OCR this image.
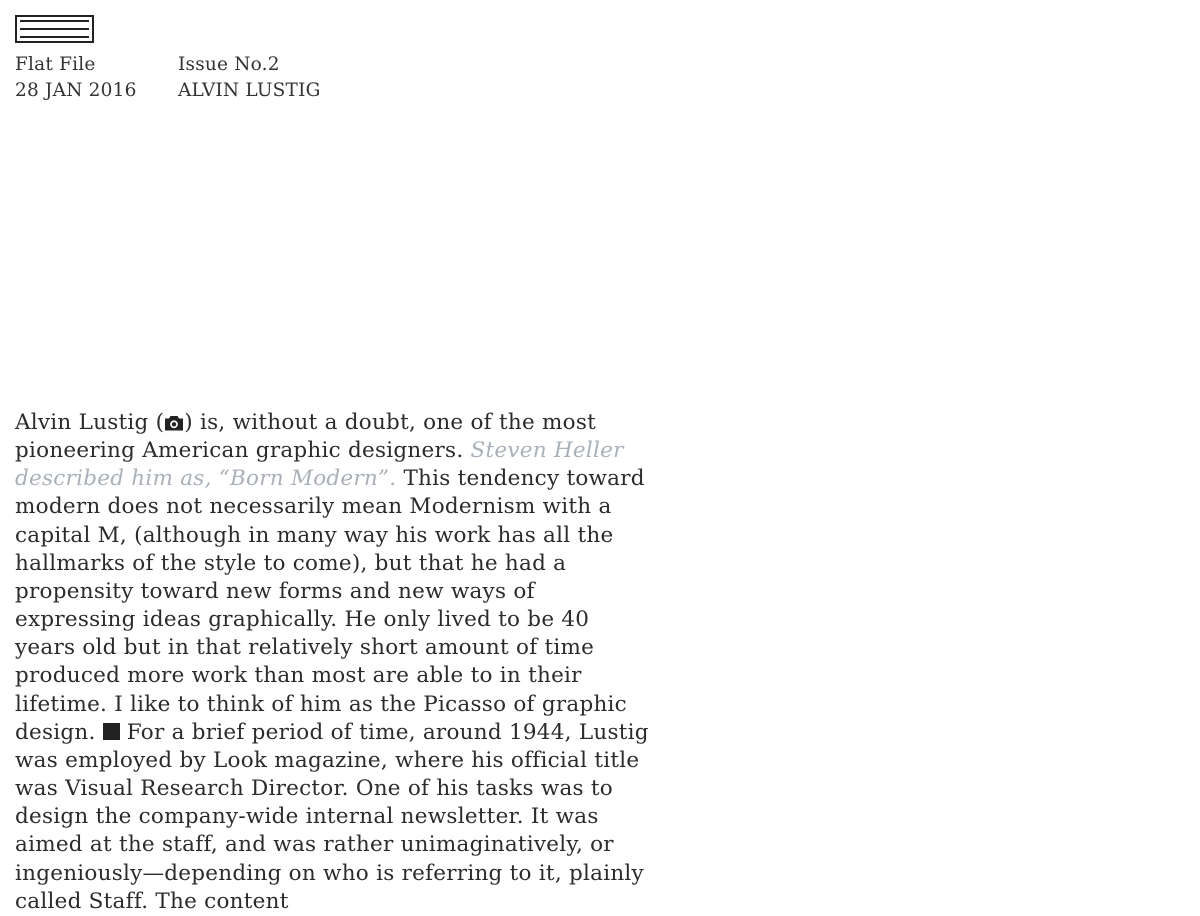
Flat File
28 JAN 2016
Issue No.2
ALVIN LUSTIG

Alvin Lustig ( ) is, without a doubt, one of the most pioneering American graphic designers. Steven Heller described him as, “Born Modern”. This tendency toward modern does not necessarily mean Modernism with a capital M, (although in many way his work has all the hallmarks of the style to come), but that he had a propensity toward new forms and new ways of expressing ideas graphically. He only lived to be 40 years old but in that relatively short amount of time produced more work than most are able to in their lifetime. I like to think of him as the Picasso of graphic design.  For a brief period of time, around 1944, Lustig was employed by Look magazine, where his official title was Visual Research Director. One of his tasks was to design the company-wide internal newsletter. It was aimed at the staff, and was rather unimaginatively, or ingeniously—depending on who is referring to it, plainly called Staff. The content
